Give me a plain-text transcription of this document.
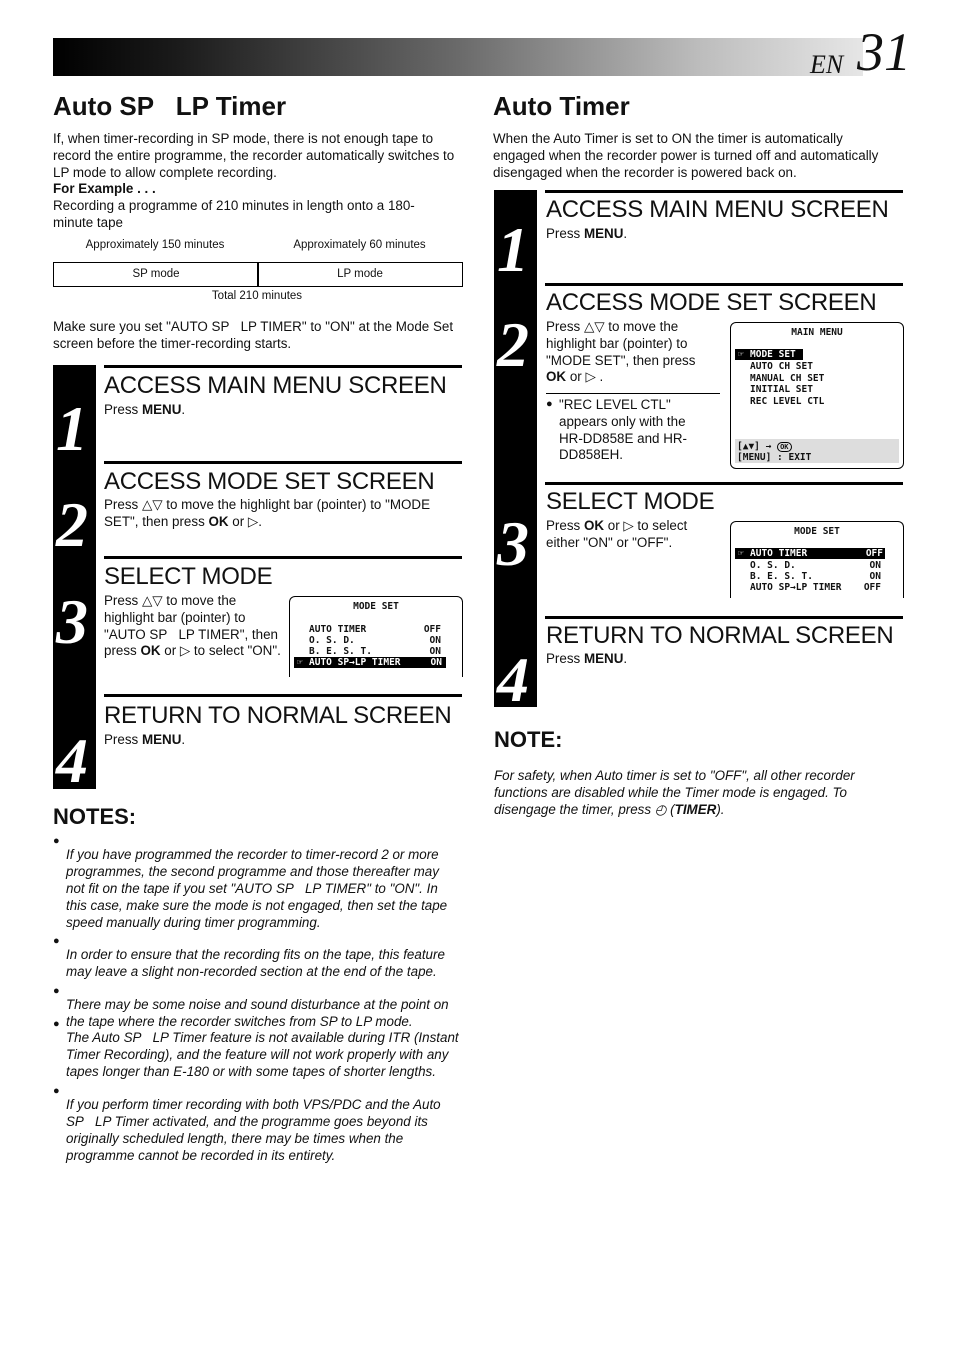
EN 31
Auto SP   LP Timer

If, when timer-recording in SP mode, there is not enough tape to record the entire programme, the recorder automatically switches to LP mode to allow complete recording.

For Example . . .

Recording a programme of 210 minutes in length onto a 180-minute tape

Approximately 150 minutes	Approximately 60 minutes
SP mode	LP mode
Total 210 minutes

Make sure you set "AUTO SP   LP TIMER" to "ON" at the Mode Set screen before the timer-recording starts.

1
2
3
4
ACCESS MAIN MENU SCREEN

Press MENU.

ACCESS MODE SET SCREEN

Press △▽ to move the highlight bar (pointer) to "MODE SET", then press OK or ▷.

SELECT MODE

Press △▽ to move the highlight bar (pointer) to "AUTO SP   LP TIMER", then press OK or ▷ to select "ON".

MODE SET
AUTO TIMER	OFF
O. S. D.	ON
B. E. S. T.	ON
☞ AUTO SP→LP TIMER	ON
RETURN TO NORMAL SCREEN

Press MENU.

NOTES:
●

If you have programmed the recorder to timer-record 2 or more programmes, the second programme and those thereafter may not fit on the tape if you set "AUTO SP   LP TIMER" to "ON". In this case, make sure the mode is not engaged, then set the tape speed manually during timer programming.

●

In order to ensure that the recording fits on the tape, this feature may leave a slight non-recorded section at the end of the tape.

●

There may be some noise and sound disturbance at the point on the tape where the recorder switches from SP to LP mode.

●

The Auto SP   LP Timer feature is not available during ITR (Instant Timer Recording), and the feature will not work properly with any tapes longer than E-180 or with some tapes of shorter lengths.

●

If you perform timer recording with both VPS/PDC and the Auto SP   LP Timer activated, and the programme goes beyond its originally scheduled length, there may be times when the programme cannot be recorded in its entirety.

Auto Timer

When the Auto Timer is set to ON the timer is automatically engaged when the recorder power is turned off and automatically disengaged when the recorder is powered back on.

1
2
3
4
ACCESS MAIN MENU SCREEN

Press MENU.

ACCESS MODE SET SCREEN

Press △▽ to move the highlight bar (pointer) to "MODE SET", then press OK or ▷ .

● "REC LEVEL CTL" appears only with the HR-DD858E and HR-DD858EH.

MAIN MENU
☞ MODE SET
AUTO CH SET
MANUAL CH SET
INITIAL SET
REC LEVEL CTL
[▲▼] → OK
[MENU] : EXIT
SELECT MODE

Press OK or ▷ to select either "ON" or "OFF".

MODE SET
☞ AUTO TIMER	OFF
O. S. D.	ON
B. E. S. T.	ON
AUTO SP→LP TIMER OFF
RETURN TO NORMAL SCREEN

Press MENU.

NOTE:

For safety, when Auto timer is set to "OFF", all other recorder functions are disabled while the Timer mode is engaged. To disengage the timer, press ◴ (TIMER).
